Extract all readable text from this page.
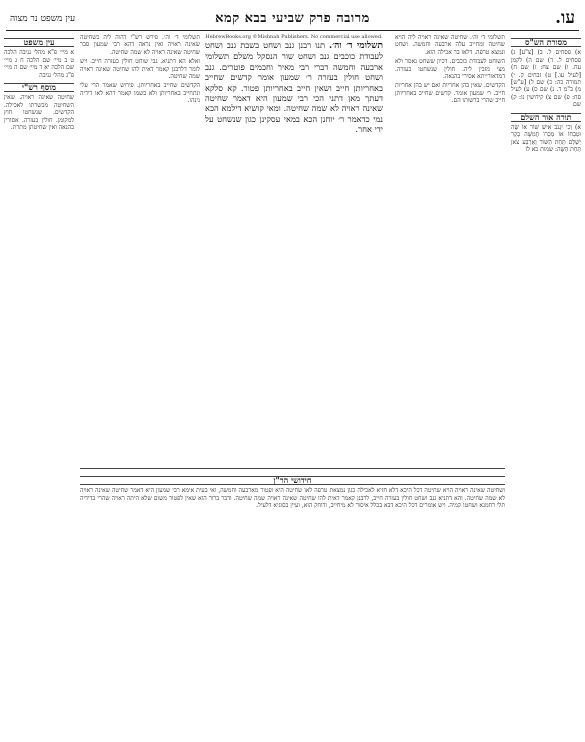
עו.
מרובה פרק שביעי בבא קמא
עין משפט נר מצוה
מסורת הש"ס

א) פסחים ל. ב) [צ"ע] ג) פסחים ל. ד) שם ה) לקמן עח. ו) שם צח: ז) שם ח) [לעיל עו.] ט) זבחים ק. י) תמורה כה: כ) שם ל) [ע"ש] מ) ב"מ ד. נ) שם ס) ע) לעיל סח: פ) שם צ) קידושין נו: ק) שם

תורה אור השלם

א) וְכִי יִגְנֹב אִישׁ שׁוֹר אוֹ שֶׂה וּטְבָחוֹ אוֹ מְכָרוֹ חֲמִשָּׁה בָקָר יְשַׁלֵּם תַּחַת הַשּׁוֹר וְאַרְבַּע צֹאן תַּחַת הַשֶּׂה: שמות כא לז

עין משפט

א מיי׳ פ"א מהל׳ גניבה הלכה ט ב מיי׳ שם הלכה ח ג מיי׳ שם הלכה יא ד מיי׳ שם ה מיי׳ פ"ג מהל׳ גניבה

מוסף רש"י

שחיטה שאינה ראויה. שאין השחיטה מכשרתו לאכילה. הקדשים. שנשחטו חוץ למקומן. חולין בעזרה. אסורין בהנאה ואין שחיטתן מתרת.

תשלומי ד׳ וה׳. שחיטה שאינה ראויה ליה הויא שחיטה ומחייב עלה ארבעה וחמשה. ושחט ונמצא טרפה. דלאו בר אכילה הוא.

השוחט לעבודת כוכבים. דכיון ששחט נאסר ולא מצי מזבין ליה. חולין שנשחטו בעזרה. דמדאורייתא אסירי בהנאה.

הקדשים. שאין בהן אחריות ואם יש בהן אחריות חייב. ר׳ שמעון אומר. קדשים שחייב באחריותן חייב שהרי ברשותו הם.

תשלומי ד׳ וה׳. פירש רש"י דהוה ליה כשחיטה שאינה ראויה ואין נראה דהא רבי שמעון סבר שחיטה שאינה ראויה לא שמה שחיטה.

ואלא הא דתניא. גבי שוחט חולין בעזרה חייב. ויש לומר דלרבנן קאמר דאית להו שחיטה שאינה ראויה שמה שחיטה.

הקדשים שחייב באחריותן. פירוש שאמר הרי עלי ונתחייב באחריותן ולא בשמו קאמר דהא לאו דידיה נינהו.

HebrewBooks.org ©Mishnah Publishers. No commercial use allowed.
תשלומי ד׳ וה׳. תנו רבנן גנב ושחט בשבת גנב ושחט לעבודת כוכבים גנב ושחט שור הנסקל משלם תשלומי ארבעה וחמשה דברי רבי מאיר וחכמים פוטרים. גנב ושחט חולין בעזרה ר׳ שמעון אומר קדשים שחייב באחריותן חייב ושאין חייב באחריותן פטור. קא סלקא דעתך מאן דתני הכי רבי שמעון היא דאמר שחיטה שאינה ראויה לא שמה שחיטה. ומאי קושיא דילמא הכא נמי כדאמר ר׳ יוחנן הכא במאי עסקינן כגון שנשחט על ידי אחר.
חידושי הר"ן

ושחיטה שאינה ראויה הויא שחיטה דכל היכא דלא חזיא לאכילה כגון נמצאת טרפה לאו שחיטה היא ופטור מארבעה וחמשה, ואי בעית אימא רבי שמעון היא דאמר שחיטה שאינה ראויה לא שמה שחיטה. והא דתניא גנב ושחט חולין בעזרה חייב, לרבנן קאמר דאית להו שחיטה שאינה ראויה שמה שחיטה. ודבר ברור הוא שאין לפטור משום שלא היתה ראויה שהרי בדידיה תלי רחמנא ושחטו קמיה. ויש אומרים דכל היכא דבא בכלל איסור לא מיחייב, ודוחק הוא, ועיין בסוגיא דלעיל.
